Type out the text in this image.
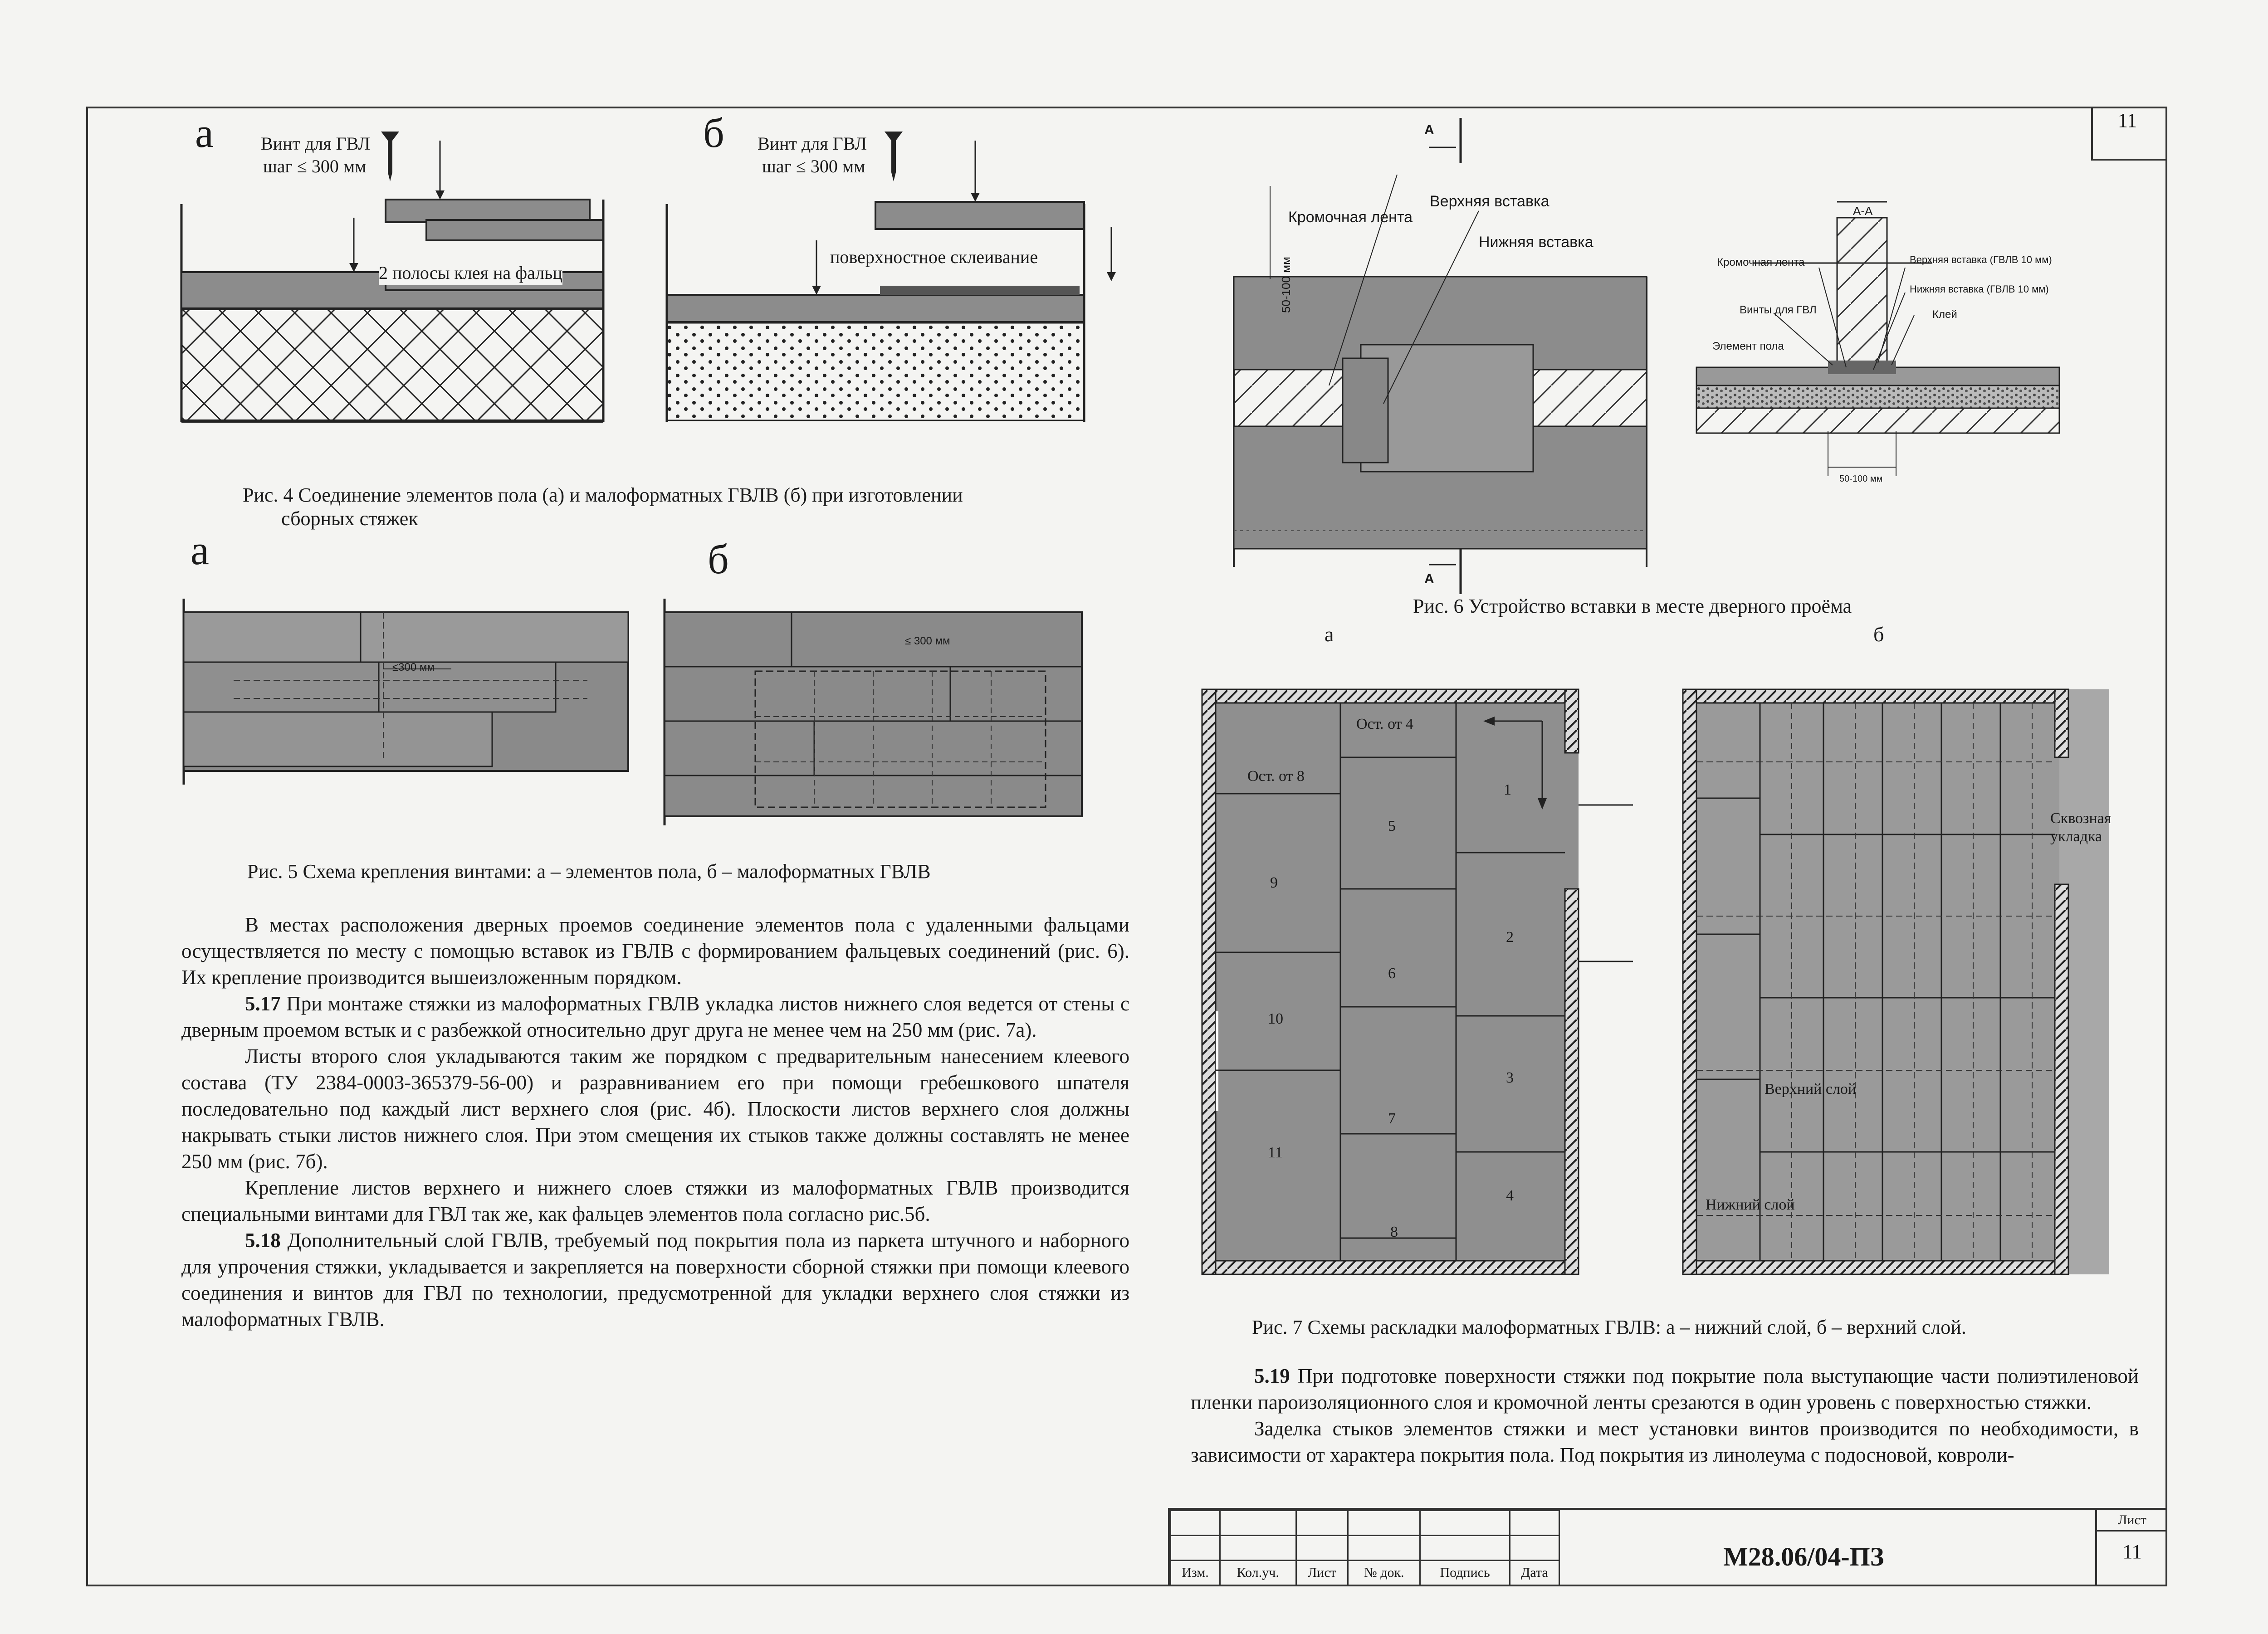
11
а	б
Винт для ГВЛ
шаг ≤ 300 мм
2 полосы клея на фальц
Винт для ГВЛ
шаг ≤ 300 мм
поверхностное склеивание
Рис. 4 Соединение элементов пола (а) и малоформатных ГВЛВ (б) при изготовлении
сборных стяжек
а	б
≤300 мм
≤ 300 мм
Рис. 5 Схема крепления винтами: а – элементов пола, б – малоформатных ГВЛВ

В местах расположения дверных проемов соединение элементов пола с удаленными фальцами осуществляется по месту с помощью вставок из ГВЛВ с формированием фальцевых соединений (рис. 6). Их крепление производится вышеизложенным порядком.

5.17 При монтаже стяжки из малоформатных ГВЛВ укладка листов нижнего слоя ведется от стены с дверным проемом встык и с разбежкой относительно друг друга не менее чем на 250 мм (рис. 7а).

Листы второго слоя укладываются таким же порядком с предварительным нанесением клеевого состава (ТУ 2384-0003-365379-56-00) и разравниванием его при помощи гребешкового шпателя последовательно под каждый лист верхнего слоя (рис. 4б). Плоскости листов верхнего слоя должны накрывать стыки листов нижнего слоя. При этом смещения их стыков также должны составлять не менее 250 мм (рис. 7б).

Крепление листов верхнего и нижнего слоев стяжки из малоформатных ГВЛВ производится специальными винтами для ГВЛ так же, как фальцев элементов пола согласно рис.5б.

5.18 Дополнительный слой ГВЛВ, требуемый под покрытия пола из паркета штучного и наборного для упрочения стяжки, укладывается и закрепляется на поверхности сборной стяжки при помощи клеевого соединения и винтов для ГВЛ по технологии, предусмотренной для укладки верхнего слоя стяжки из малоформатных ГВЛВ.

А
А
Кромочная лента
Верхняя вставка
Нижняя вставка
50-100 мм
А-А
Кромочная лента
Винты для ГВЛ
Элемент пола
Верхняя вставка (ГВЛВ 10 мм)
Нижняя вставка (ГВЛВ 10 мм)
Клей
50-100 мм
Рис. 6 Устройство вставки в месте дверного проёма
а	б
Ост. от 4
Ост. от 8
1
2
3
4
5
6
7
8
9
10
11
Сквозная укладка
Верхний слой
Нижний слой
Рис. 7 Схемы раскладки малоформатных ГВЛВ: а – нижний слой, б – верхний слой.

5.19 При подготовке поверхности стяжки под покрытие пола выступающие части полиэтиленовой пленки пароизоляционного слоя и кромочной ленты срезаются в один уровень с поверхностью стяжки.

Заделка стыков элементов стяжки и мест установки винтов производится по необходимости, в зависимости от характера покрытия пола. Под покрытия из линолеума с подосновой, ковроли-

Изм.	Кол.уч.	Лист	№ док.	Подпись	Дата
М28.06/04-ПЗ
Лист
11
